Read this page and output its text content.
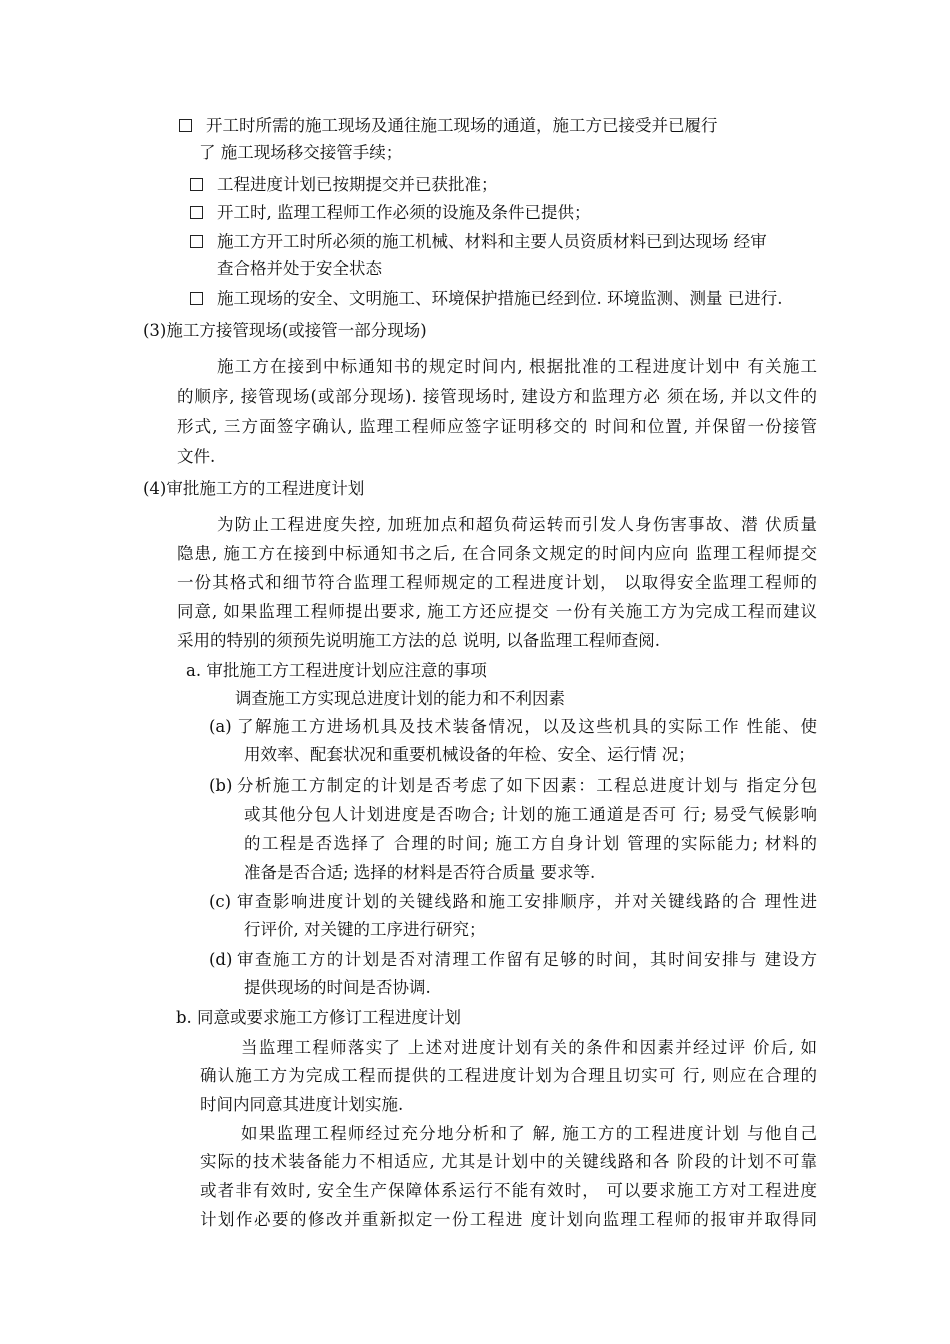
开工时所需的施工现场及通往施工现场的通道，施工方已接受并已履行
了 施工现场移交接管手续；
工程进度计划已按期提交并已获批准；
开工时, 监理工程师工作必须的设施及条件已提供；
施工方开工时所必须的施工机械、材料和主要人员资质材料已到达现场 经审
查合格并处于安全状态
施工现场的安全、文明施工、环境保护措施已经到位. 环境监测、测量 已进行.
(3)施工方接管现场(或接管一部分现场)
施工方在接到中标通知书的规定时间内, 根据批准的工程进度计划中 有关施工
的顺序, 接管现场(或部分现场). 接管现场时, 建设方和监理方必 须在场, 并以文件的
形式, 三方面签字确认, 监理工程师应签字证明移交的 时间和位置, 并保留一份接管
文件.
(4)审批施工方的工程进度计划
为防止工程进度失控, 加班加点和超负荷运转而引发人身伤害事故、潜 伏质量
隐患, 施工方在接到中标通知书之后, 在合同条文规定的时间内应向 监理工程师提交
一份其格式和细节符合监理工程师规定的工程进度计划， 以取得安全监理工程师的
同意, 如果监理工程师提出要求, 施工方还应提交 一份有关施工方为完成工程而建议
采用的特别的须预先说明施工方法的总 说明, 以备监理工程师查阅.
a. 审批施工方工程进度计划应注意的事项
调查施工方实现总进度计划的能力和不利因素
(a) 了解施工方进场机具及技术装备情况，以及这些机具的实际工作 性能、使
用效率、配套状况和重要机械设备的年检、安全、运行情 况；
(b) 分析施工方制定的计划是否考虑了如下因素：工程总进度计划与 指定分包
或其他分包人计划进度是否吻合; 计划的施工通道是否可 行; 易受气候影响
的工程是否选择了 合理的时间; 施工方自身计划 管理的实际能力; 材料的
准备是否合适; 选择的材料是否符合质量 要求等.
(c) 审查影响进度计划的关键线路和施工安排顺序，并对关键线路的合 理性进
行评价, 对关键的工序进行研究；
(d) 审查施工方的计划是否对清理工作留有足够的时间，其时间安排与 建设方
提供现场的时间是否协调.
b. 同意或要求施工方修订工程进度计划
当监理工程师落实了 上述对进度计划有关的条件和因素并经过评 价后, 如
确认施工方为完成工程而提供的工程进度计划为合理且切实可 行, 则应在合理的
时间内同意其进度计划实施.
如果监理工程师经过充分地分析和了 解, 施工方的工程进度计划 与他自己
实际的技术装备能力不相适应, 尤其是计划中的关键线路和各 阶段的计划不可靠
或者非有效时, 安全生产保障体系运行不能有效时， 可以要求施工方对工程进度
计划作必要的修改并重新拟定一份工程进 度计划向监理工程师的报审并取得同
